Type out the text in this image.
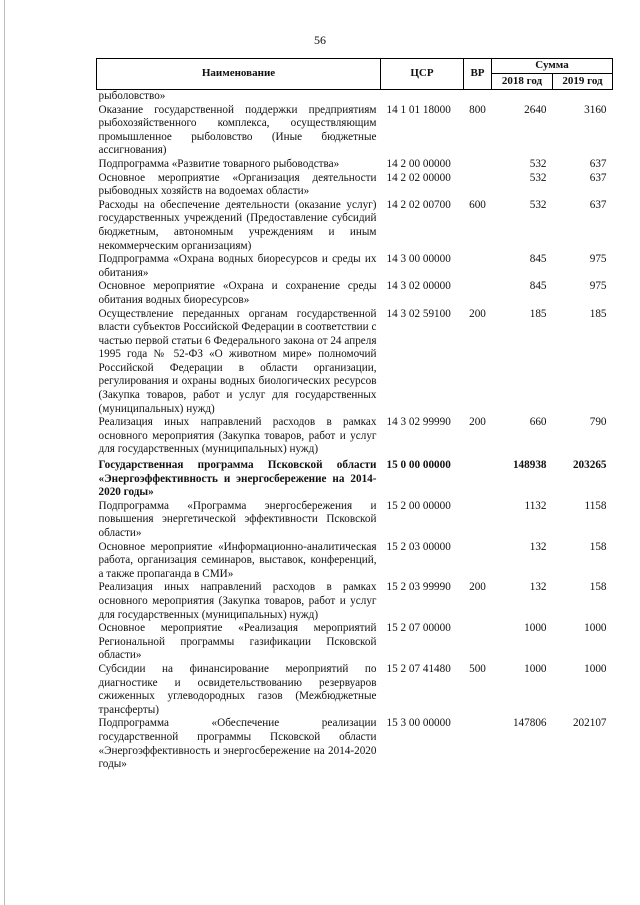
56
Наименование	ЦСР	ВР	Сумма	
			2018 год	2019 год
рыболовство»				
Оказание государственной поддержки предприятиям рыбохозяйственного комплекса, осуществляющим промышленное рыболовство (Иные бюджетные ассигнования)	14 1 01 18000	800	2640	3160
Подпрограмма «Развитие товарного рыбоводства»	14 2 00 00000		532	637
Основное мероприятие «Организация деятельности рыбоводных хозяйств на водоемах области»	14 2 02 00000		532	637
Расходы на обеспечение деятельности (оказание услуг) государственных учреждений (Предоставление субсидий бюджетным, автономным учреждениям и иным некоммерческим организациям)	14 2 02 00700	600	532	637
Подпрограмма «Охрана водных биоресурсов и среды их обитания»	14 3 00 00000		845	975
Основное мероприятие «Охрана и сохранение среды обитания водных биоресурсов»	14 3 02 00000		845	975
Осуществление переданных органам государственной власти субъектов Российской Федерации в соответствии с частью первой статьи 6 Федерального закона от 24 апреля 1995 года № 52-ФЗ «О животном мире» полномочий Российской Федерации в области организации, регулирования и охраны водных биологических ресурсов (Закупка товаров, работ и услуг для государственных (муниципальных) нужд)	14 3 02 59100	200	185	185
Реализация иных направлений расходов в рамках основного мероприятия (Закупка товаров, работ и услуг для государственных (муниципальных) нужд)	14 3 02 99990	200	660	790
Государственная программа Псковской области «Энергоэффективность и энергосбережение на 2014-2020 годы»	15 0 00 00000		148938	203265
Подпрограмма «Программа энергосбережения и повышения энергетической эффективности Псковской области»	15 2 00 00000		1132	1158
Основное мероприятие «Информационно-аналитическая работа, организация семинаров, выставок, конференций, а также пропаганда в СМИ»	15 2 03 00000		132	158
Реализация иных направлений расходов в рамках основного мероприятия (Закупка товаров, работ и услуг для государственных (муниципальных) нужд)	15 2 03 99990	200	132	158
Основное мероприятие «Реализация мероприятий Региональной программы газификации Псковской области»	15 2 07 00000		1000	1000
Субсидии на финансирование мероприятий по диагностике и освидетельствованию резервуаров сжиженных углеводородных газов (Межбюджетные трансферты)	15 2 07 41480	500	1000	1000
Подпрограмма «Обеспечение реализации государственной программы Псковской области «Энергоэффективность и энергосбережение на 2014-2020 годы»	15 3 00 00000		147806	202107
